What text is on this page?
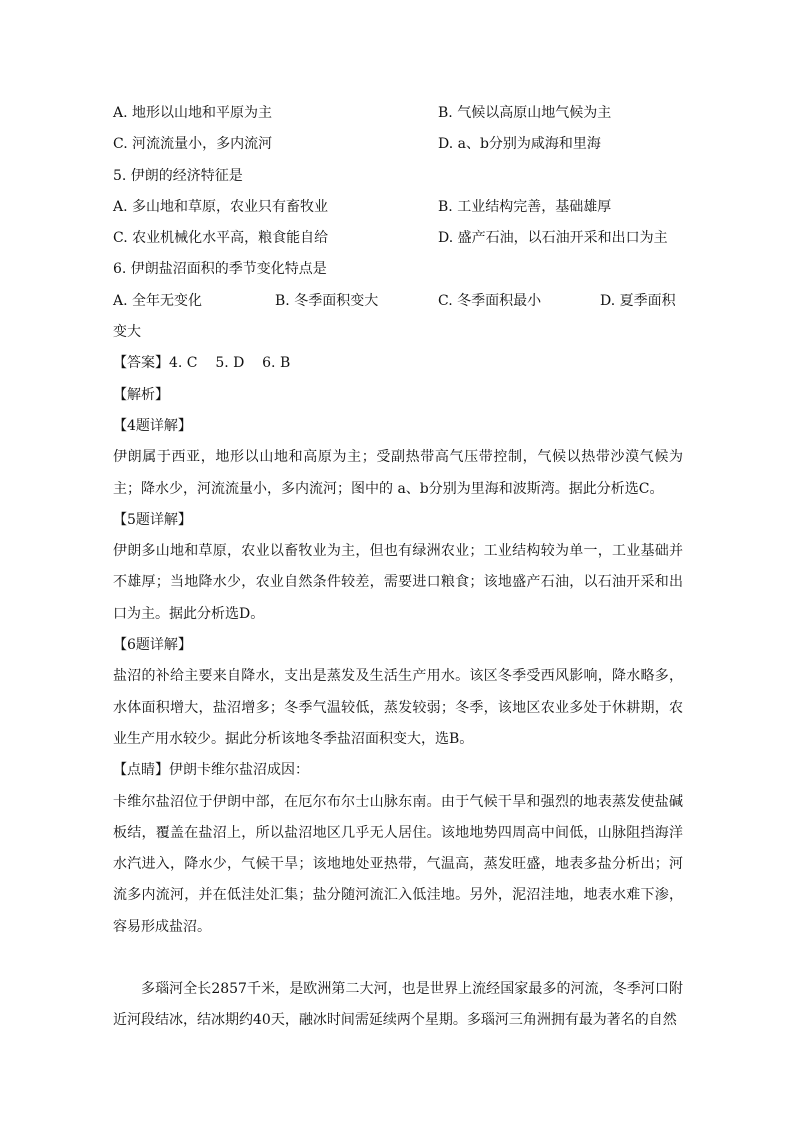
A. 地形以山地和平原为主	B. 气候以高原山地气候为主
C. 河流流量小，多内流河	D. a、b分别为咸海和里海
5. 伊朗的经济特征是
A. 多山地和草原，农业只有畜牧业	B. 工业结构完善，基础雄厚
C. 农业机械化水平高，粮食能自给	D. 盛产石油，以石油开采和出口为主
6. 伊朗盐沼面积的季节变化特点是
A. 全年无变化	B. 冬季面积变大	C. 冬季面积最小	D. 夏季面积
变大
【答案】4. C    5. D    6. B
【解析】
【4题详解】
伊朗属于西亚，地形以山地和高原为主；受副热带高气压带控制，气候以热带沙漠气候为主；降水少，河流流量小，多内流河；图中的 a、b分别为里海和波斯湾。据此分析选C。
【5题详解】
伊朗多山地和草原，农业以畜牧业为主，但也有绿洲农业；工业结构较为单一，工业基础并不雄厚；当地降水少，农业自然条件较差，需要进口粮食；该地盛产石油，以石油开采和出口为主。据此分析选D。
【6题详解】
盐沼的补给主要来自降水，支出是蒸发及生活生产用水。该区冬季受西风影响，降水略多，水体面积增大，盐沼增多；冬季气温较低，蒸发较弱；冬季，该地区农业多处于休耕期，农业生产用水较少。据此分析该地冬季盐沼面积变大，选B。
【点睛】伊朗卡维尔盐沼成因：
卡维尔盐沼位于伊朗中部，在厄尔布尔士山脉东南。由于气候干旱和强烈的地表蒸发使盐碱板结，覆盖在盐沼上，所以盐沼地区几乎无人居住。该地地势四周高中间低，山脉阻挡海洋水汽进入，降水少，气候干旱；该地地处亚热带，气温高，蒸发旺盛，地表多盐分析出；河流多内流河，并在低洼处汇集；盐分随河流汇入低洼地。另外，泥沼洼地，地表水难下渗，容易形成盐沼。
多瑙河全长2857千米，是欧洲第二大河，也是世界上流经国家最多的河流，冬季河口附近河段结冰，结冰期约40天，融冰时间需延续两个星期。多瑙河三角洲拥有最为著名的自然
